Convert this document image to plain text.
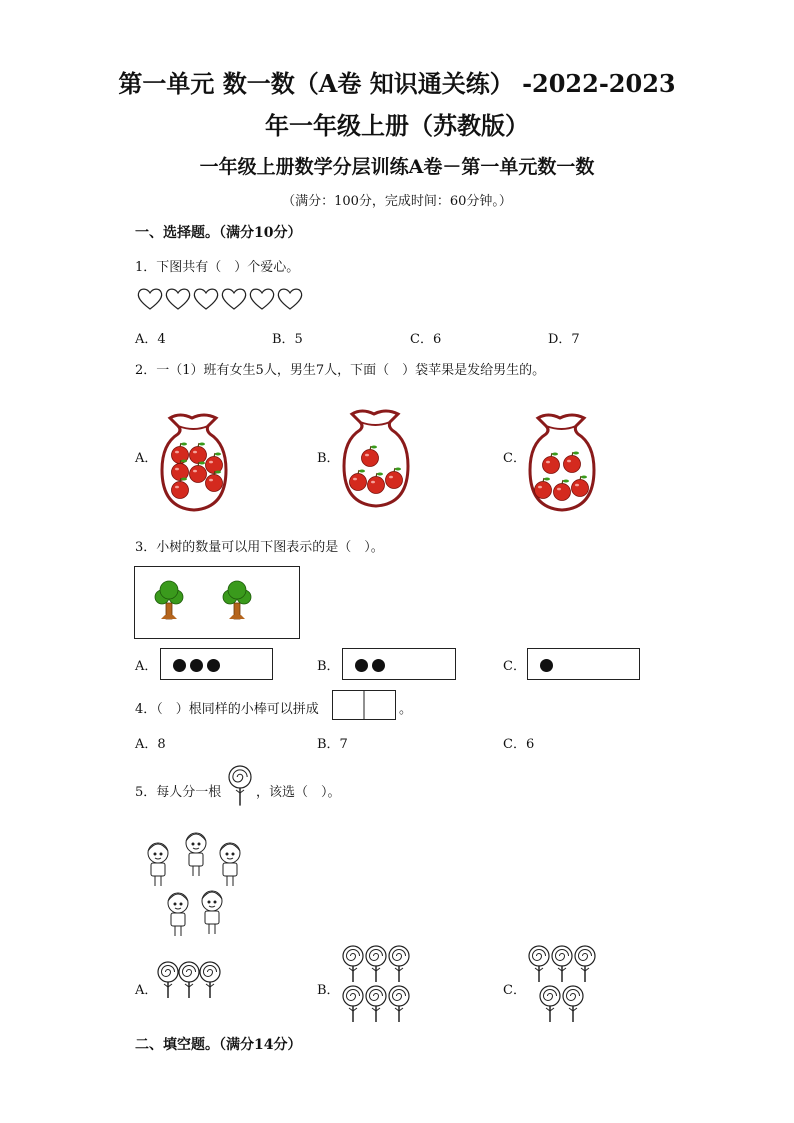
第一单元 数一数（A卷 知识通关练） -2022-2023
年一年级上册（苏教版）
一年级上册数学分层训练A卷－第一单元数一数
（满分：100分，完成时间：60分钟。）
一、选择题。（满分10分）
1．下图共有（　）个爱心。
A．4	B．5	C．6	D．7
2．一（1）班有女生5人，男生7人，下面（　）袋苹果是发给男生的。
A．	B．	C．
3．小树的数量可以用下图表示的是（　）。
A．	B．	C．
4．（　）根同样的小棒可以拼成	。
A．8	B．7	C．6
5．每人分一根	，该选（　）。
A．	B．	C．
二、填空题。（满分14分）
